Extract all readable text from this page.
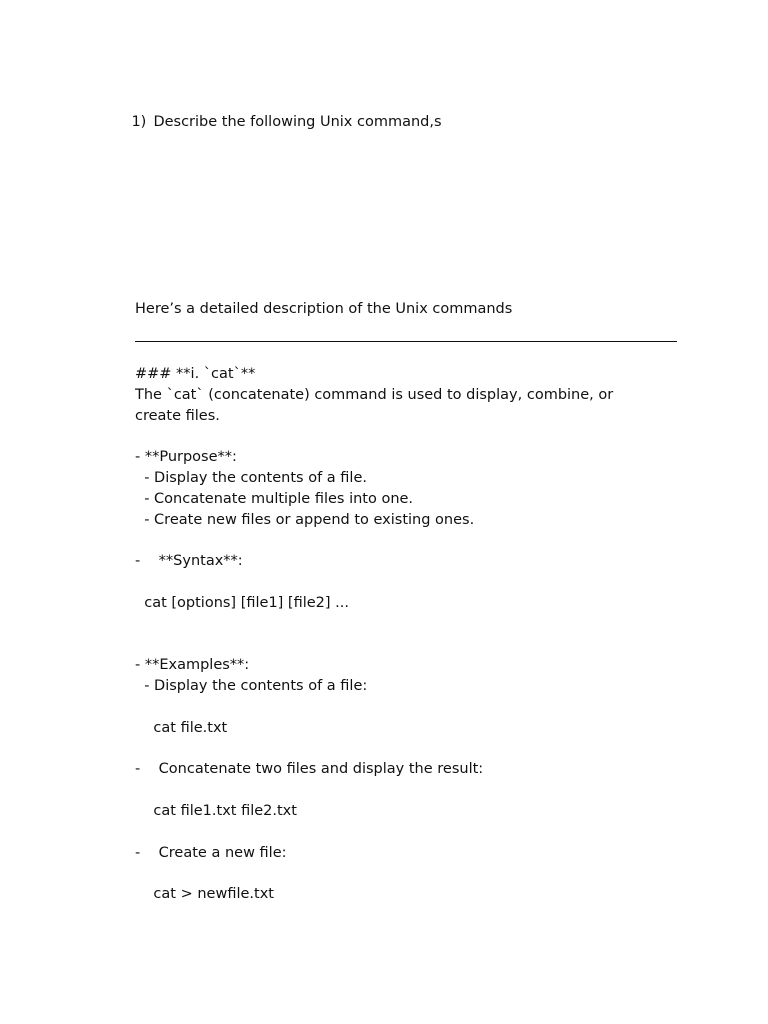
1) Describe the following Unix command,s

Here’s a detailed description of the Unix commands
### **i. `cat`**
The `cat` (concatenate) command is used to display, combine, or
create files.
- **Purpose**:
- Display the contents of a file.
- Concatenate multiple files into one.
- Create new files or append to existing ones.
-    **Syntax**:
cat [options] [file1] [file2] ...
- **Examples**:
- Display the contents of a file:
cat file.txt
-    Concatenate two files and display the result:
cat file1.txt file2.txt
-    Create a new file:
cat > newfile.txt
